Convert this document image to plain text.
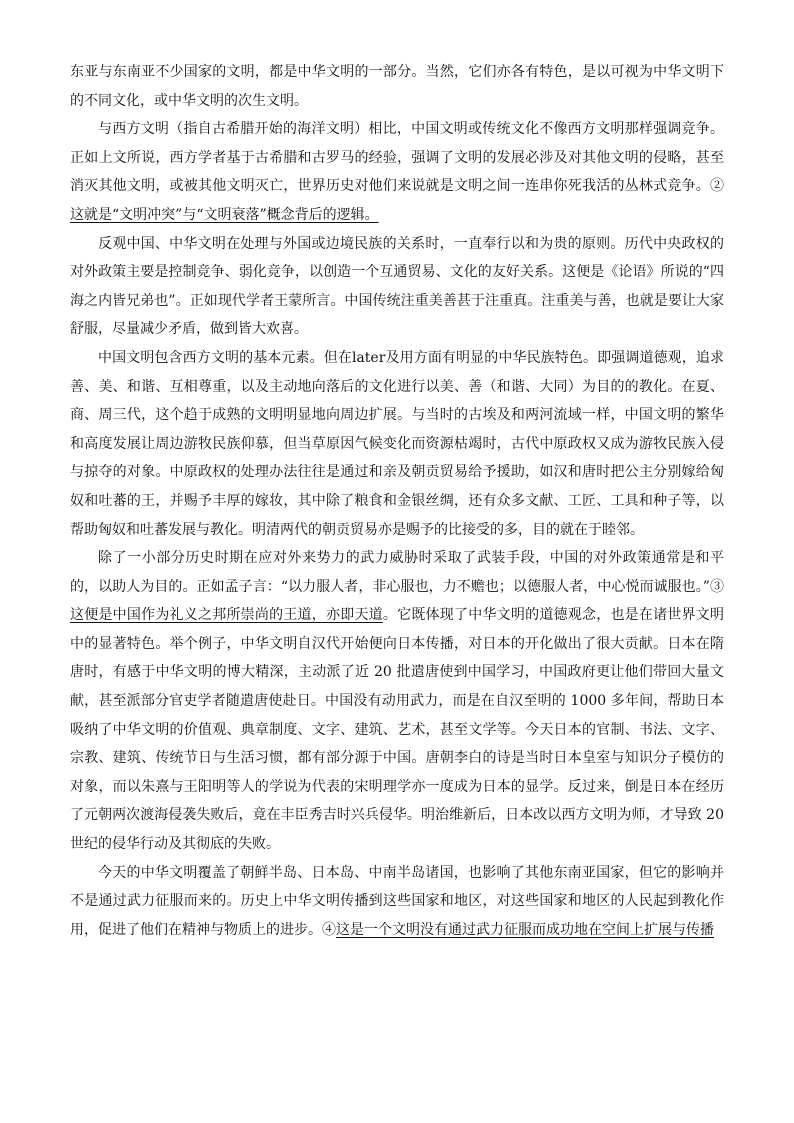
东亚与东南亚不少国家的文明，都是中华文明的一部分。当然，它们亦各有特色，是以可视为中华文明下的不同文化，或中华文明的次生文明。

与西方文明（指自古希腊开始的海洋文明）相比，中国文明或传统文化不像西方文明那样强调竞争。正如上文所说，西方学者基于古希腊和古罗马的经验，强调了文明的发展必涉及对其他文明的侵略，甚至消灭其他文明，或被其他文明灭亡，世界历史对他们来说就是文明之间一连串你死我活的丛林式竞争。②这就是“文明冲突”与“文明衰落”概念背后的逻辑。

反观中国、中华文明在处理与外国或边境民族的关系时，一直奉行以和为贵的原则。历代中央政权的对外政策主要是控制竞争、弱化竞争，以创造一个互通贸易、文化的友好关系。这便是《论语》所说的“四海之内皆兄弟也”。正如现代学者王蒙所言。中国传统注重美善甚于注重真。注重美与善，也就是要让大家舒服，尽量减少矛盾，做到皆大欢喜。

中国文明包含西方文明的基本元素。但在later及用方面有明显的中华民族特色。即强调道德观，追求善、美、和谐、互相尊重，以及主动地向落后的文化进行以美、善（和谐、大同）为目的的教化。在夏、商、周三代，这个趋于成熟的文明明显地向周边扩展。与当时的古埃及和两河流域一样，中国文明的繁华和高度发展让周边游牧民族仰慕，但当草原因气候变化而资源枯竭时，古代中原政权又成为游牧民族入侵与掠夺的对象。中原政权的处理办法往往是通过和亲及朝贡贸易给予援助，如汉和唐时把公主分别嫁给匈奴和吐蕃的王，并赐予丰厚的嫁妆，其中除了粮食和金银丝绸，还有众多文献、工匠、工具和种子等，以帮助匈奴和吐蕃发展与教化。明清两代的朝贡贸易亦是赐予的比接受的多，目的就在于睦邻。

除了一小部分历史时期在应对外来势力的武力威胁时采取了武装手段，中国的对外政策通常是和平的，以助人为目的。正如孟子言：“以力服人者，非心服也，力不赡也；以德服人者，中心悦而诚服也。”③这便是中国作为礼义之邦所崇尚的王道，亦即天道。它既体现了中华文明的道德观念，也是在诸世界文明中的显著特色。举个例子，中华文明自汉代开始便向日本传播，对日本的开化做出了很大贡献。日本在隋唐时，有感于中华文明的博大精深，主动派了近 20 批遣唐使到中国学习，中国政府更让他们带回大量文献，甚至派部分官吏学者随遣唐使赴日。中国没有动用武力，而是在自汉至明的 1000 多年间，帮助日本吸纳了中华文明的价值观、典章制度、文字、建筑、艺术，甚至文学等。今天日本的官制、书法、文字、宗教、建筑、传统节日与生活习惯，都有部分源于中国。唐朝李白的诗是当时日本皇室与知识分子模仿的对象，而以朱熹与王阳明等人的学说为代表的宋明理学亦一度成为日本的显学。反过来，倒是日本在经历了元朝两次渡海侵袭失败后，竟在丰臣秀吉时兴兵侵华。明治维新后，日本改以西方文明为师，才导致 20 世纪的侵华行动及其彻底的失败。

今天的中华文明覆盖了朝鲜半岛、日本岛、中南半岛诸国，也影响了其他东南亚国家，但它的影响并不是通过武力征服而来的。历史上中华文明传播到这些国家和地区，对这些国家和地区的人民起到教化作用，促进了他们在精神与物质上的进步。④这是一个文明没有通过武力征服而成功地在空间上扩展与传播
